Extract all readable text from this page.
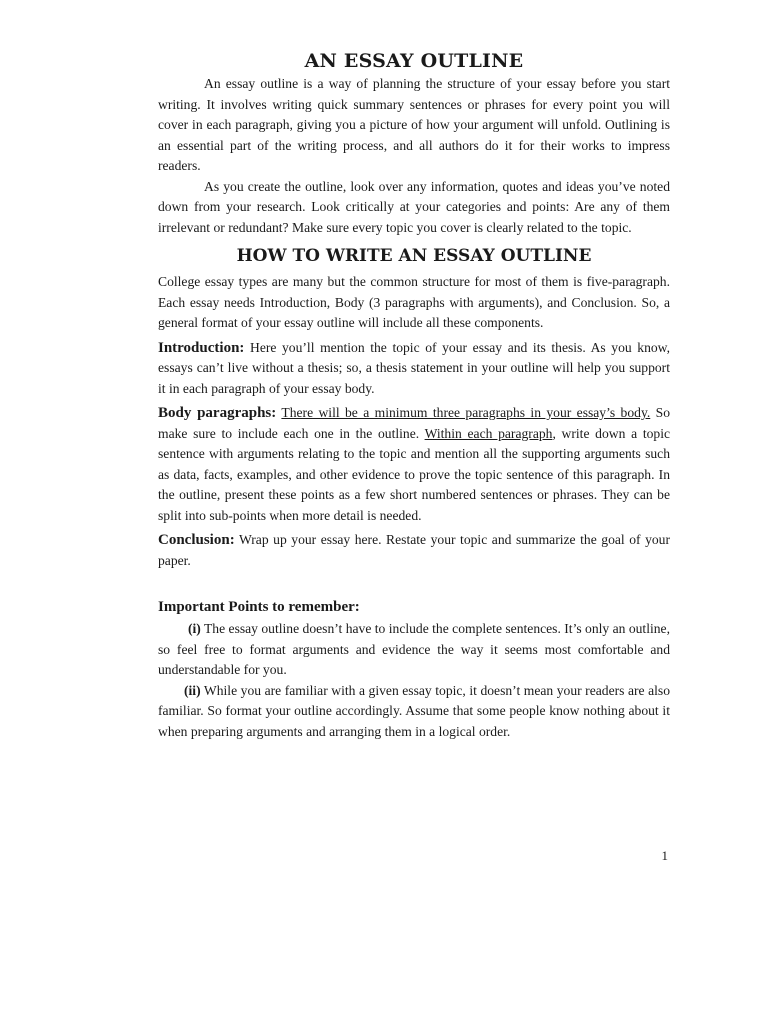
AN ESSAY OUTLINE

An essay outline is a way of planning the structure of your essay before you start writing. It involves writing quick summary sentences or phrases for every point you will cover in each paragraph, giving you a picture of how your argument will unfold. Outlining is an essential part of the writing process, and all authors do it for their works to impress readers.

As you create the outline, look over any information, quotes and ideas you’ve noted down from your research. Look critically at your categories and points: Are any of them irrelevant or redundant? Make sure every topic you cover is clearly related to the topic.

HOW TO WRITE AN ESSAY OUTLINE

College essay types are many but the common structure for most of them is five-paragraph. Each essay needs Introduction, Body (3 paragraphs with arguments), and Conclusion. So, a general format of your essay outline will include all these components.

Introduction: Here you’ll mention the topic of your essay and its thesis. As you know, essays can’t live without a thesis; so, a thesis statement in your outline will help you support it in each paragraph of your essay body.

Body paragraphs: There will be a minimum three paragraphs in your essay’s body. So make sure to include each one in the outline. Within each paragraph, write down a topic sentence with arguments relating to the topic and mention all the supporting arguments such as data, facts, examples, and other evidence to prove the topic sentence of this paragraph. In the outline, present these points as a few short numbered sentences or phrases. They can be split into sub-points when more detail is needed.

Conclusion: Wrap up your essay here. Restate your topic and summarize the goal of your paper.

Important Points to remember:

(i) The essay outline doesn’t have to include the complete sentences. It’s only an outline, so feel free to format arguments and evidence the way it seems most comfortable and understandable for you.

(ii) While you are familiar with a given essay topic, it doesn’t mean your readers are also familiar. So format your outline accordingly. Assume that some people know nothing about it when preparing arguments and arranging them in a logical order.

1
